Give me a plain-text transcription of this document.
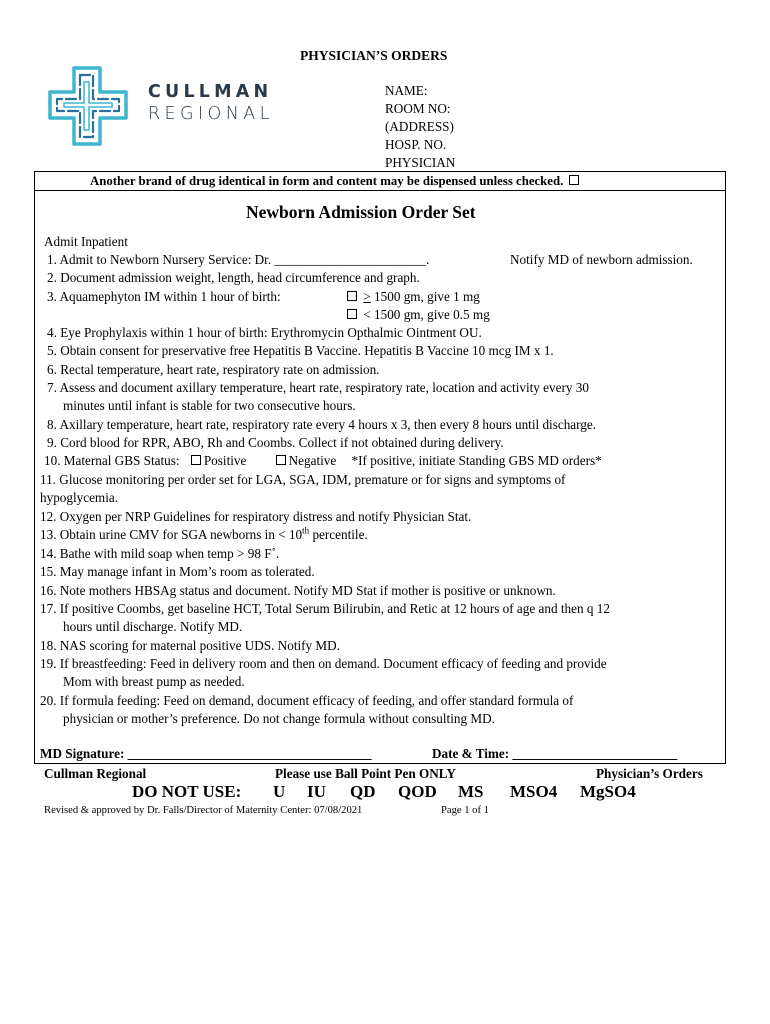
PHYSICIAN’S ORDERS
CULLMAN
REGIONAL
NAME:
ROOM NO:
(ADDRESS)
HOSP. NO.
PHYSICIAN
Another brand of drug identical in form and content may be dispensed unless checked.
Newborn Admission Order Set
Admit Inpatient
1. Admit to Newborn Nursery Service: Dr. _______________________.	Notify MD of newborn admission.
2. Document admission weight, length, head circumference and graph.
3. Aquamephyton IM within 1 hour of birth:	> 1500 gm, give 1 mg
< 1500 gm, give 0.5 mg
4. Eye Prophylaxis within 1 hour of birth: Erythromycin Opthalmic Ointment OU.
5. Obtain consent for preservative free Hepatitis B Vaccine. Hepatitis B Vaccine 10 mcg IM x 1.
6. Rectal temperature, heart rate, respiratory rate on admission.
7. Assess and document axillary temperature, heart rate, respiratory rate, location and activity every 30
minutes until infant is stable for two consecutive hours.
8. Axillary temperature, heart rate, respiratory rate every 4 hours x 3, then every 8 hours until discharge.
9. Cord blood for RPR, ABO, Rh and Coombs. Collect if not obtained during delivery.
10. Maternal GBS Status: Positive	Negative *If positive, initiate Standing GBS MD orders*
11. Glucose monitoring per order set for LGA, SGA, IDM, premature or for signs and symptoms of
hypoglycemia.
12. Oxygen per NRP Guidelines for respiratory distress and notify Physician Stat.
13. Obtain urine CMV for SGA newborns in < 10th percentile.
14. Bathe with mild soap when temp > 98 F˚.
15. May manage infant in Mom’s room as tolerated.
16. Note mothers HBSAg status and document. Notify MD Stat if mother is positive or unknown.
17. If positive Coombs, get baseline HCT, Total Serum Bilirubin, and Retic at 12 hours of age and then q 12
hours until discharge. Notify MD.
18. NAS scoring for maternal positive UDS. Notify MD.
19. If breastfeeding: Feed in delivery room and then on demand. Document efficacy of feeding and provide
Mom with breast pump as needed.
20. If formula feeding: Feed on demand, document efficacy of feeding, and offer standard formula of
physician or mother’s preference. Do not change formula without consulting MD.
MD Signature: _____________________________________	Date & Time: _________________________
Cullman Regional	Please use Ball Point Pen ONLY	Physician’s Orders
DO NOT USE: U IU QD QOD MS MSO4 MgSO4
Revised & approved by Dr. Falls/Director of Maternity Center: 07/08/2021	Page 1 of 1
